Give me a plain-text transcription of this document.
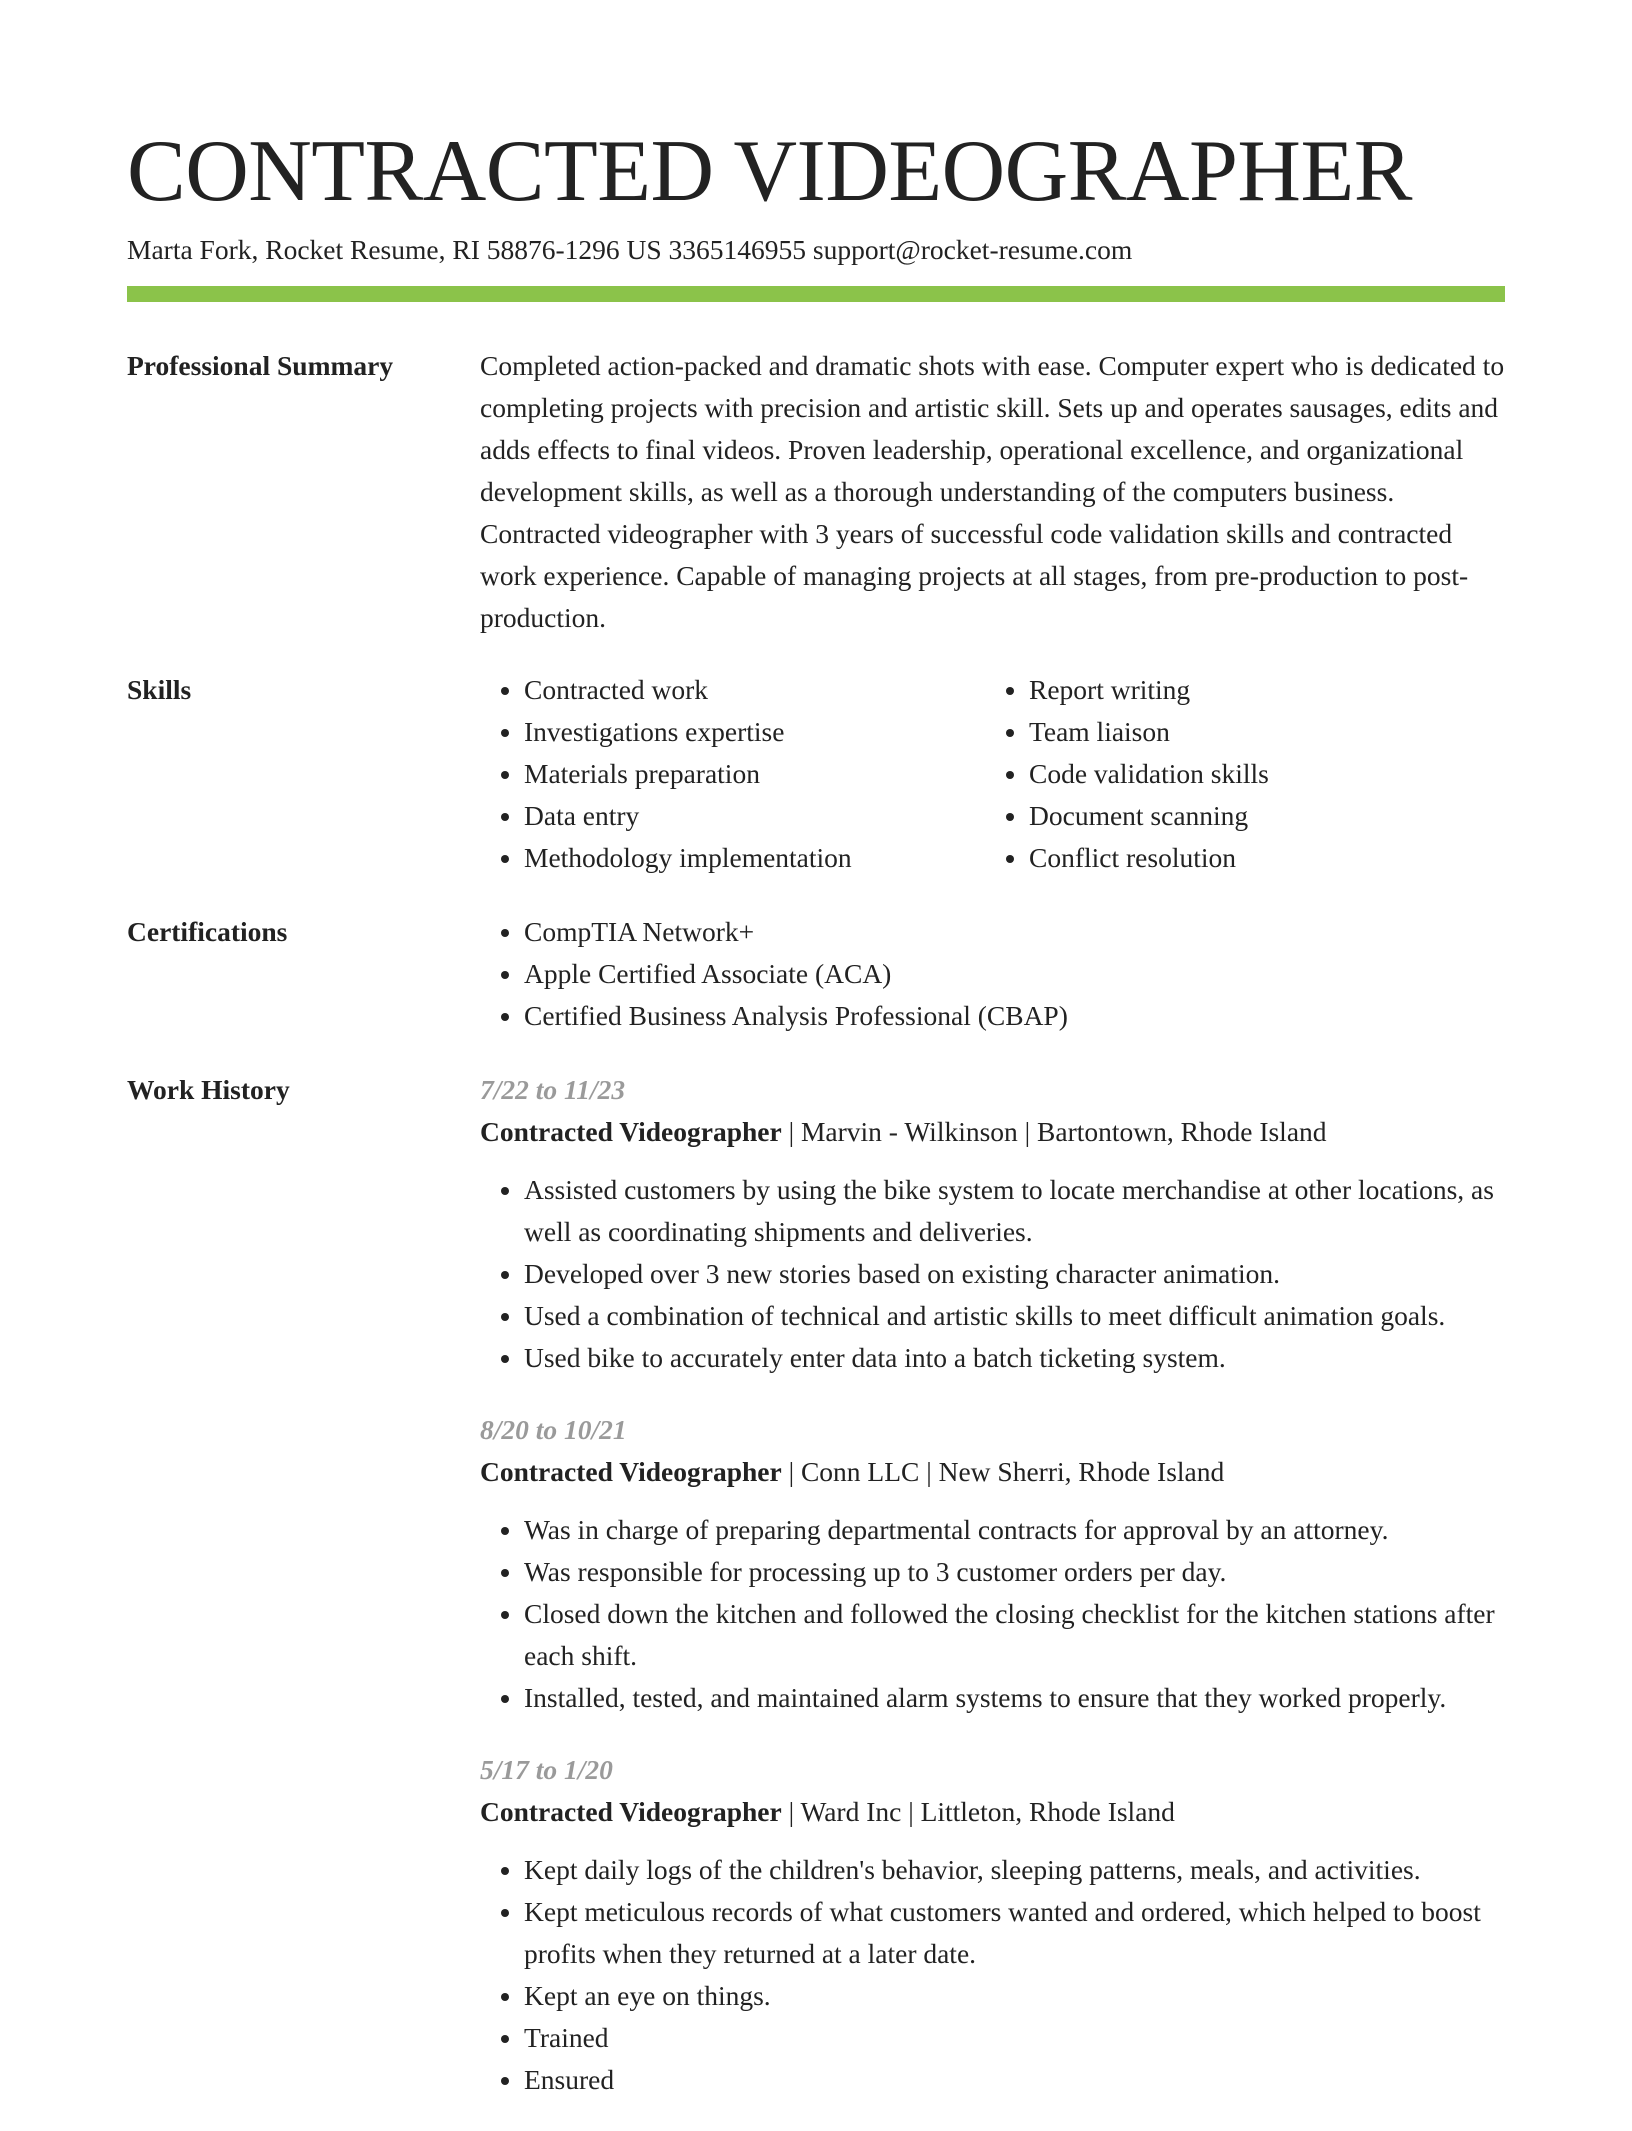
CONTRACTED VIDEOGRAPHER
Marta Fork, Rocket Resume, RI 58876-1296 US 3365146955 support@rocket-resume.com
Professional Summary	Completed action-packed and dramatic shots with ease. Computer expert who is dedicated to completing projects with precision and artistic skill. Sets up and operates sausages, edits and adds effects to final videos. Proven leadership, operational excellence, and organizational development skills, as well as a thorough understanding of the computers business. Contracted videographer with 3 years of successful code validation skills and contracted work experience. Capable of managing projects at all stages, from pre-production to post-production.

Skills	• Contracted work
• Investigations expertise
• Materials preparation
• Data entry
• Methodology implementation
• Report writing
• Team liaison
• Code validation skills
• Document scanning
• Conflict resolution
Certifications	• CompTIA Network+
• Apple Certified Associate (ACA)
• Certified Business Analysis Professional (CBAP)
Work History	7/22 to 11/23
Contracted Videographer | Marvin - Wilkinson | Bartontown, Rhode Island
• Assisted customers by using the bike system to locate merchandise at other locations, as well as coordinating shipments and deliveries.
• Developed over 3 new stories based on existing character animation.
• Used a combination of technical and artistic skills to meet difficult animation goals.
• Used bike to accurately enter data into a batch ticketing system.
8/20 to 10/21
Contracted Videographer | Conn LLC | New Sherri, Rhode Island
• Was in charge of preparing departmental contracts for approval by an attorney.
• Was responsible for processing up to 3 customer orders per day.
• Closed down the kitchen and followed the closing checklist for the kitchen stations after each shift.
• Installed, tested, and maintained alarm systems to ensure that they worked properly.
5/17 to 1/20
Contracted Videographer | Ward Inc | Littleton, Rhode Island
• Kept daily logs of the children's behavior, sleeping patterns, meals, and activities.
• Kept meticulous records of what customers wanted and ordered, which helped to boost profits when they returned at a later date.
• Kept an eye on things.
• Trained
• Ensured
